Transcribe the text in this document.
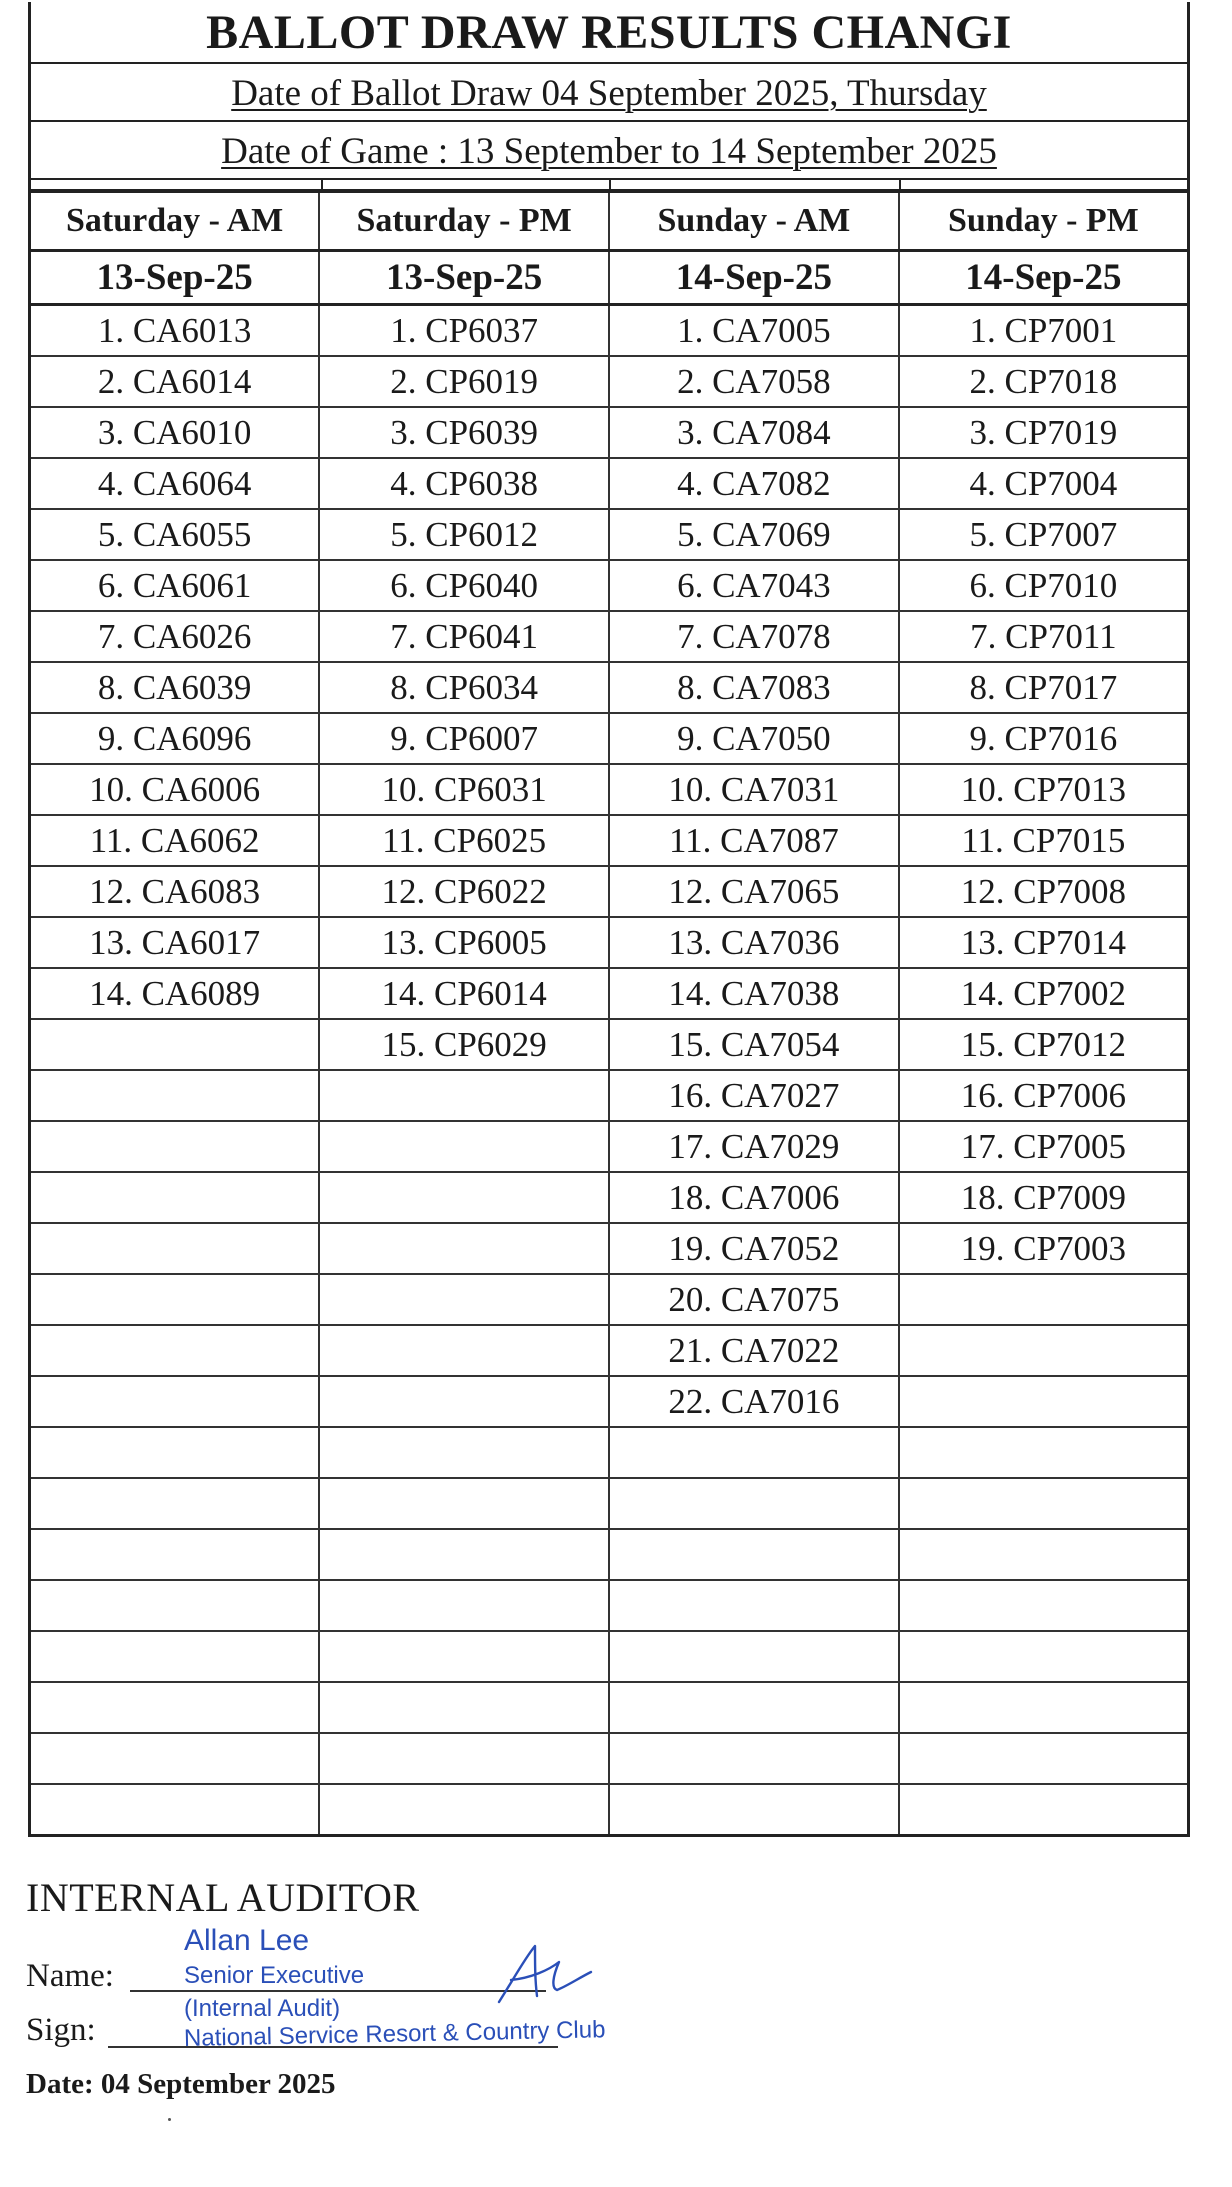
BALLOT DRAW RESULTS CHANGI
Date of Ballot Draw 04 September 2025, Thursday
Date of Game : 13 September to 14 September 2025
Saturday - AM	Saturday - PM	Sunday - AM	Sunday - PM
13-Sep-25	13-Sep-25	14-Sep-25	14-Sep-25
1. CA6013	1. CP6037	1. CA7005	1. CP7001
2. CA6014	2. CP6019	2. CA7058	2. CP7018
3. CA6010	3. CP6039	3. CA7084	3. CP7019
4. CA6064	4. CP6038	4. CA7082	4. CP7004
5. CA6055	5. CP6012	5. CA7069	5. CP7007
6. CA6061	6. CP6040	6. CA7043	6. CP7010
7. CA6026	7. CP6041	7. CA7078	7. CP7011
8. CA6039	8. CP6034	8. CA7083	8. CP7017
9. CA6096	9. CP6007	9. CA7050	9. CP7016
10. CA6006	10. CP6031	10. CA7031	10. CP7013
11. CA6062	11. CP6025	11. CA7087	11. CP7015
12. CA6083	12. CP6022	12. CA7065	12. CP7008
13. CA6017	13. CP6005	13. CA7036	13. CP7014
14. CA6089	14. CP6014	14. CA7038	14. CP7002
	15. CP6029	15. CA7054	15. CP7012
		16. CA7027	16. CP7006
		17. CA7029	17. CP7005
		18. CA7006	18. CP7009
		19. CA7052	19. CP7003
		20. CA7075	
		21. CA7022	
		22. CA7016	

INTERNAL AUDITOR
Name:
Sign:
Allan Lee
Senior Executive
(Internal Audit)
National Service Resort & Country Club
Date: 04 September 2025
